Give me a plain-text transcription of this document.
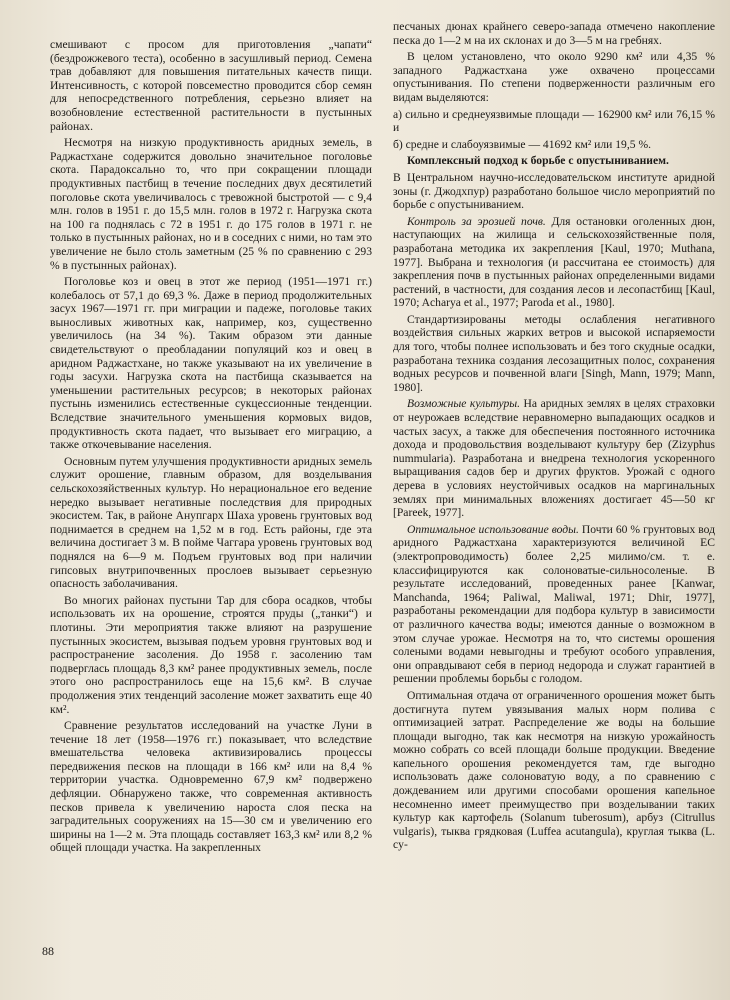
смешивают с просом для приготовления „чапати“ (бездрожжевого теста), особенно в засушливый период. Семена трав добавляют для повышения питательных качеств пищи. Интенсивность, с которой повсеместно проводится сбор семян для непосредственного потребления, серьезно влияет на возобновление естественной растительности в пустынных районах.

Несмотря на низкую продуктивность аридных земель, в Раджастхане содержится довольно значительное поголовье скота. Парадоксально то, что при сокращении площади продуктивных пастбищ в течение последних двух десятилетий поголовье скота увеличивалось с тревожной быстротой — с 9,4 млн. голов в 1951 г. до 15,5 млн. голов в 1972 г. Нагрузка скота на 100 га поднялась с 72 в 1951 г. до 175 голов в 1971 г. не только в пустынных районах, но и в соседних с ними, но там это увеличение не было столь заметным (25 % по сравнению с 293 % в пустынных районах).

Поголовье коз и овец в этот же период (1951—1971 гг.) колебалось от 57,1 до 69,3 %. Даже в период продолжительных засух 1967—1971 гг. при миграции и падеже, поголовье таких выносливых животных как, например, коз, существенно увеличилось (на 34 %). Таким образом эти данные свидетельствуют о преобладании популяций коз и овец в аридном Раджастхане, но также указывают на их увеличение в годы засухи. Нагрузка скота на пастбища сказывается на уменьшении растительных ресурсов; в некоторых районах пустынь изменились естественные сукцессионные тенденции. Вследствие значительного уменьшения кормовых видов, продуктивность скота падает, что вызывает его миграцию, а также откочевывание населения.

Основным путем улучшения продуктивности аридных земель служит орошение, главным образом, для возделывания сельскохозяйственных культур. Но нерациональное его ведение нередко вызывает негативные последствия для природных экосистем. Так, в районе Анупгарх Шаха уровень грунтовых вод поднимается в среднем на 1,52 м в год. Есть районы, где эта величина достигает 3 м. В пойме Чаггара уровень грунтовых вод поднялся на 6—9 м. Подъем грунтовых вод при наличии гипсовых внутрипочвенных прослоев вызывает серьезную опасность заболачивания.

Во многих районах пустыни Тар для сбора осадков, чтобы использовать их на орошение, строятся пруды („танки“) и плотины. Эти мероприятия также влияют на разрушение пустынных экосистем, вызывая подъем уровня грунтовых вод и распространение засоления. До 1958 г. засолению там подверглась площадь 8,3 км² ранее продуктивных земель, после этого оно распространилось еще на 15,6 км². В случае продолжения этих тенденций засоление может захватить еще 40 км².

Сравнение результатов исследований на участке Луни в течение 18 лет (1958—1976 гг.) показывает, что вследствие вмешательства человека активизировались процессы передвижения песков на площади в 166 км² или на 8,4 % территории участка. Одновременно 67,9 км² подвержено дефляции. Обнаружено также, что современная активность песков привела к увеличению нароста слоя песка на заградительных сооружениях на 15—30 см и увеличению его ширины на 1—2 м. Эта площадь составляет 163,3 км² или 8,2 % общей площади участка. На закрепленных

песчаных дюнах крайнего северо-запада отмечено накопление песка до 1—2 м на их склонах и до 3—5 м на гребнях.

В целом установлено, что около 9290 км² или 4,35 % западного Раджастхана уже охвачено процессами опустынивания. По степени подверженности различным его видам выделяются:

а) сильно и среднеуязвимые площади — 162900 км² или 76,15 % и

б) средне и слабоуязвимые — 41692 км² или 19,5 %.

Комплексный подход к борьбе с опустыниванием.

В Центральном научно-исследовательском институте аридной зоны (г. Джодхпур) разработано большое число мероприятий по борьбе с опустыниванием.

Контроль за эрозией почв. Для остановки оголенных дюн, наступающих на жилища и сельскохозяйственные поля, разработана методика их закрепления [Kaul, 1970; Muthana, 1977]. Выбрана и технология (и рассчитана ее стоимость) для закрепления почв в пустынных районах определенными видами растений, в частности, для создания лесов и лесопастбищ [Kaul, 1970; Acharya et al., 1977; Paroda et al., 1980].

Стандартизированы методы ослабления негативного воздействия сильных жарких ветров и высокой испаряемости для того, чтобы полнее использовать и без того скудные осадки, разработана техника создания лесозащитных полос, сохранения водных ресурсов и почвенной влаги [Singh, Mann, 1979; Mann, 1980].

Возможные культуры. На аридных землях в целях страховки от неурожаев вследствие неравномерно выпадающих осадков и частых засух, а также для обеспечения постоянного источника дохода и продовольствия возделывают культуру бер (Zizyphus nummularia). Разработана и внедрена технология ускоренного выращивания садов бер и других фруктов. Урожай с одного дерева в условиях неустойчивых осадков на маргинальных землях при минимальных вложениях достигает 45—50 кг [Pareek, 1977].

Оптимальное использование воды. Почти 60 % грунтовых вод аридного Раджастхана характеризуются величиной ЕС (электропроводимость) более 2,25 милимо/см. т. е. классифицируются как солоноватые-сильносоленые. В результате исследований, проведенных ранее [Kanwar, Manchanda, 1964; Paliwal, Maliwal, 1971; Dhir, 1977], разработаны рекомендации для подбора культур в зависимости от различного качества воды; имеются данные о возможном в этом случае урожае. Несмотря на то, что системы орошения солеными водами невыгодны и требуют особого управления, они оправдывают себя в период недорода и служат гарантией в решении проблемы борьбы с голодом.

Оптимальная отдача от ограниченного орошения может быть достигнута путем увязывания малых норм полива с оптимизацией затрат. Распределение же воды на большие площади выгодно, так как несмотря на низкую урожайность можно собрать со всей площади больше продукции. Введение капельного орошения рекомендуется там, где выгодно использовать даже солоноватую воду, а по сравнению с дождеванием или другими способами орошения капельное несомненно имеет преимущество при возделывании таких культур как картофель (Solanum tuberosum), арбуз (Citrullus vulgaris), тыква грядковая (Luffea acutangula), круглая тыква (L. cy-

88
